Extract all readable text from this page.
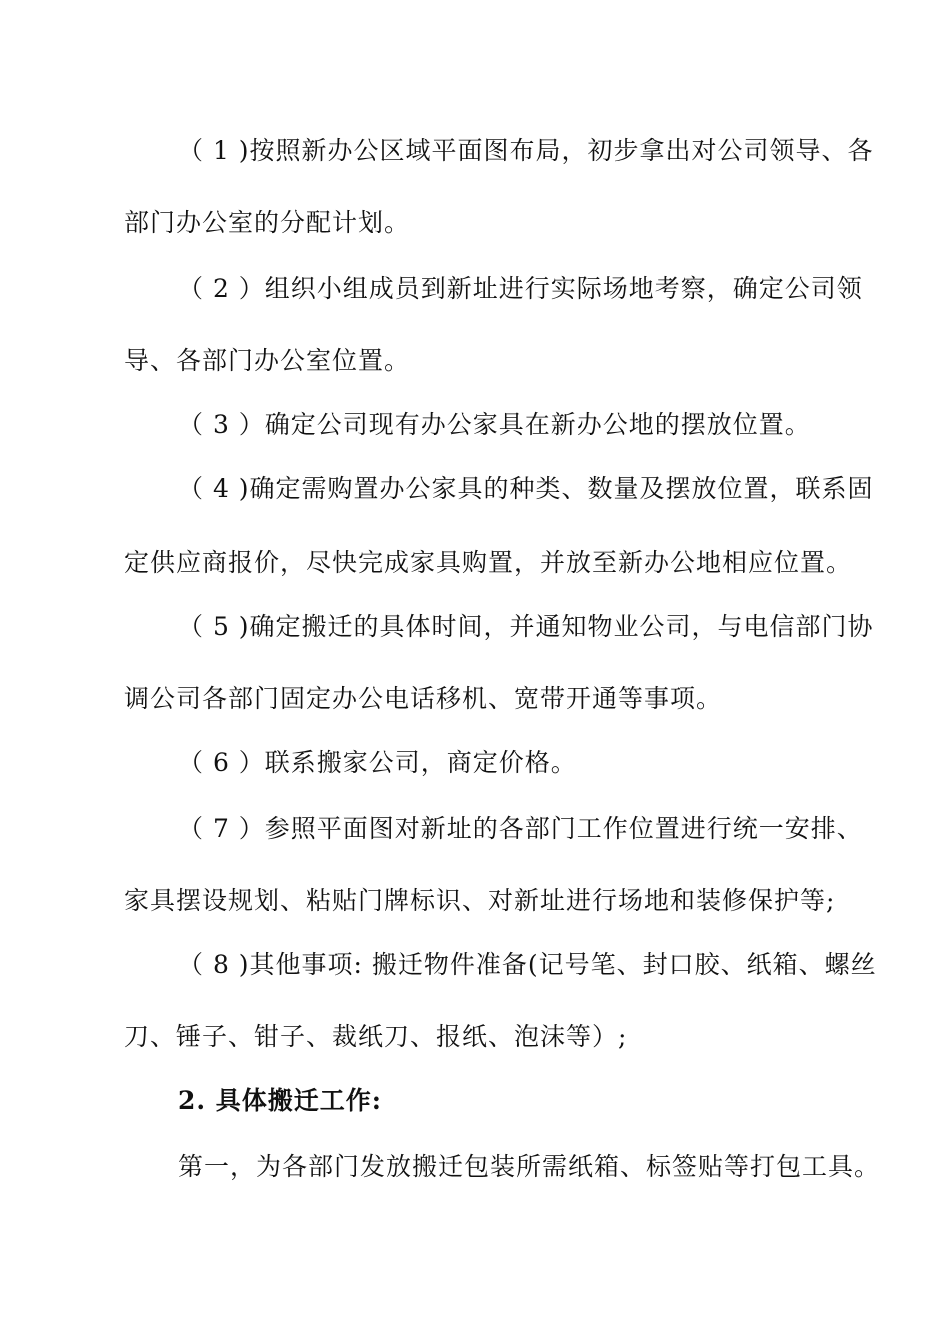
（ 1 )按照新办公区域平面图布局，初步拿出对公司领导、各
部门办公室的分配计划。
（ 2 ）组织小组成员到新址进行实际场地考察，确定公司领
导、各部门办公室位置。
（ 3 ）确定公司现有办公家具在新办公地的摆放位置。
（ 4 )确定需购置办公家具的种类、数量及摆放位置，联系固
定供应商报价，尽快完成家具购置，并放至新办公地相应位置。
（ 5 )确定搬迁的具体时间，并通知物业公司，与电信部门协
调公司各部门固定办公电话移机、宽带开通等事项。
（ 6 ）联系搬家公司，商定价格。
（ 7 ）参照平面图对新址的各部门工作位置进行统一安排、
家具摆设规划、粘贴门牌标识、对新址进行场地和装修保护等;
（ 8 )其他事项: 搬迁物件准备(记号笔、封口胶、纸箱、螺丝
刀、锤子、钳子、裁纸刀、报纸、泡沫等）;
2. 具体搬迁工作:
第一，为各部门发放搬迁包装所需纸箱、标签贴等打包工具。
